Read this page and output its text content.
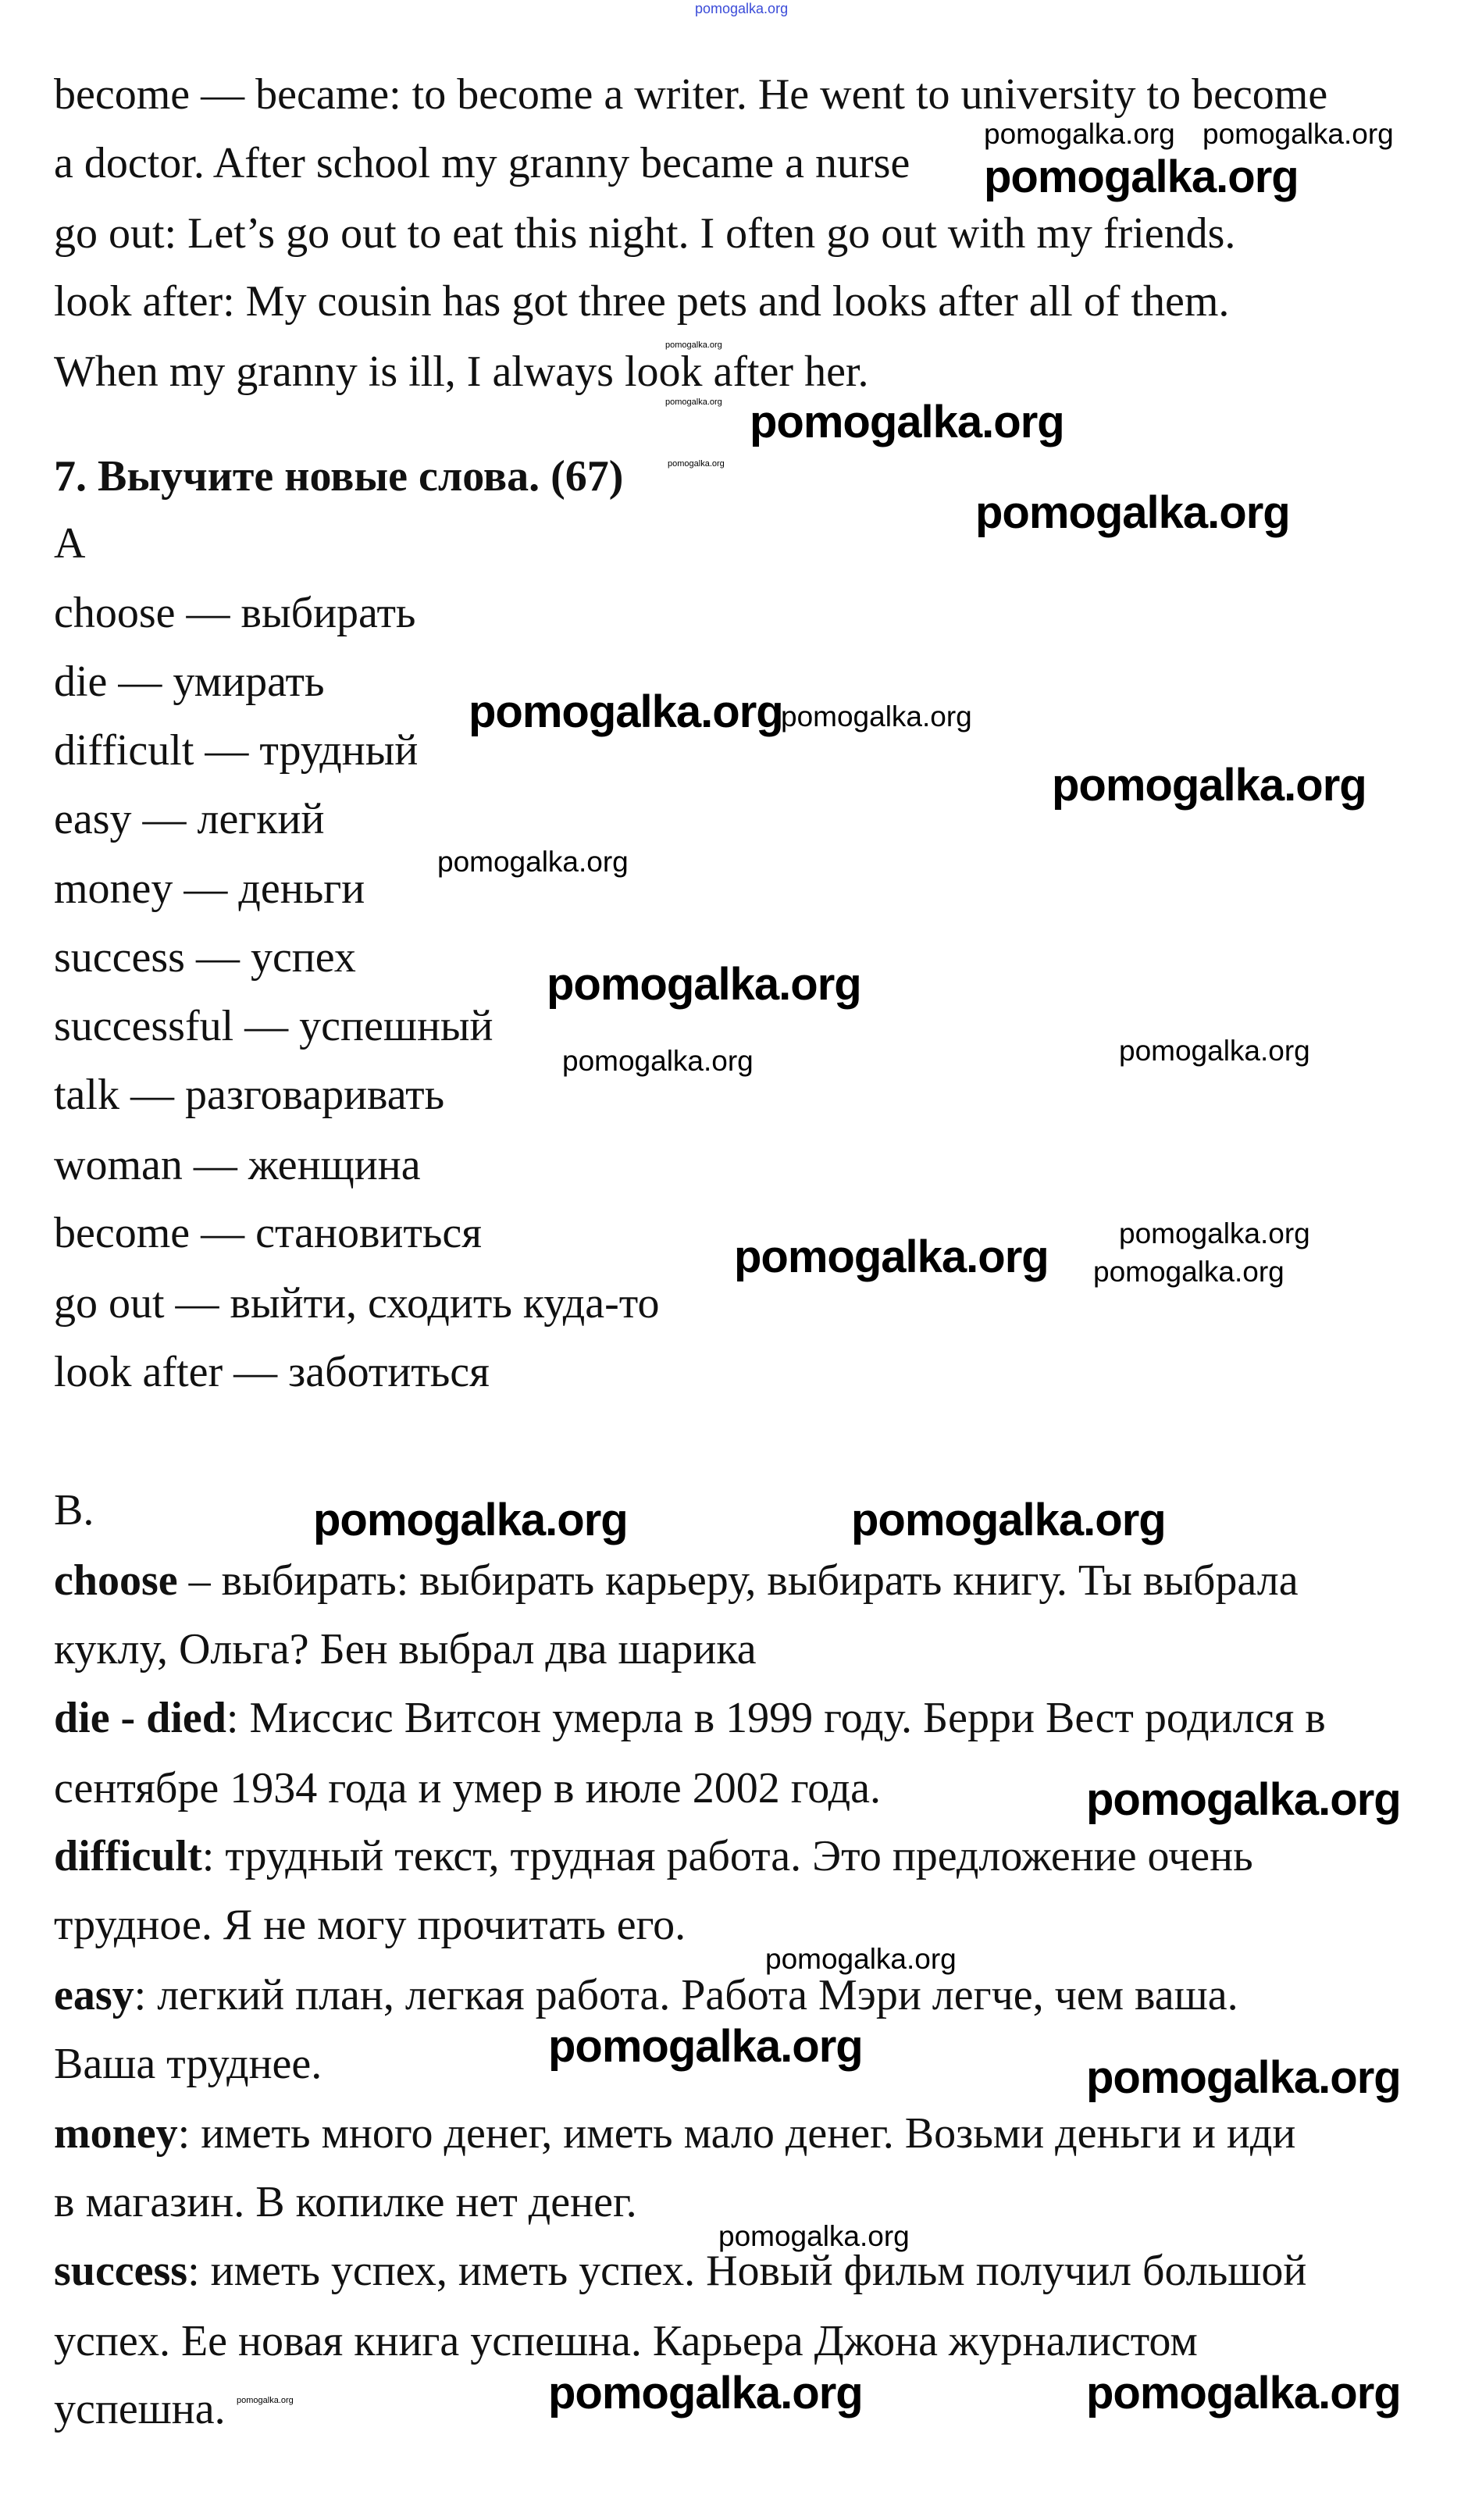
pomogalka.org
become — became: to become a writer. He went to university to become
a doctor. After school my granny became a nurse
go out: Let’s go out to eat this night. I often go out with my friends.
look after: My cousin has got three pets and looks after all of them.
When my granny is ill, I always look after her.
7. Выучите новые слова. (67)
A
choose — выбирать
die — умирать
difficult — трудный
easy — легкий
money — деньги
success — успех
successful — успешный
talk — разговаривать
woman — женщина
become — становиться
go out — выйти, сходить куда-то
look after — заботиться
B.
choose – выбирать: выбирать карьеру, выбирать книгу. Ты выбрала
куклу, Ольга? Бен выбрал два шарика
die - died: Миссис Витсон умерла в 1999 году. Берри Вест родился в
сентябре 1934 года и умер в июле 2002 года.
difficult: трудный текст, трудная работа. Это предложение очень
трудное. Я не могу прочитать его.
easy: легкий план, легкая работа. Работа Мэри легче, чем ваша.
Ваша труднее.
money: иметь много денег, иметь мало денег. Возьми деньги и иди
в магазин. В копилке нет денег.
success: иметь успех, иметь успех. Новый фильм получил большой
успех. Ее новая книга успешна. Карьера Джона журналистом
успешна.
pomogalka.org
pomogalka.org
pomogalka.org
pomogalka.org
pomogalka.org
pomogalka.org
pomogalka.org
pomogalka.org	pomogalka.org
pomogalka.org
pomogalka.org
pomogalka.org
pomogalka.org	pomogalka.org
pomogalka.org pomogalka.org
pomogalka.org
pomogalka.org
pomogalka.org	pomogalka.org
pomogalka.org
pomogalka.org
pomogalka.org
pomogalka.org
pomogalka.org
pomogalka.org
pomogalka.org
pomogalka.org
